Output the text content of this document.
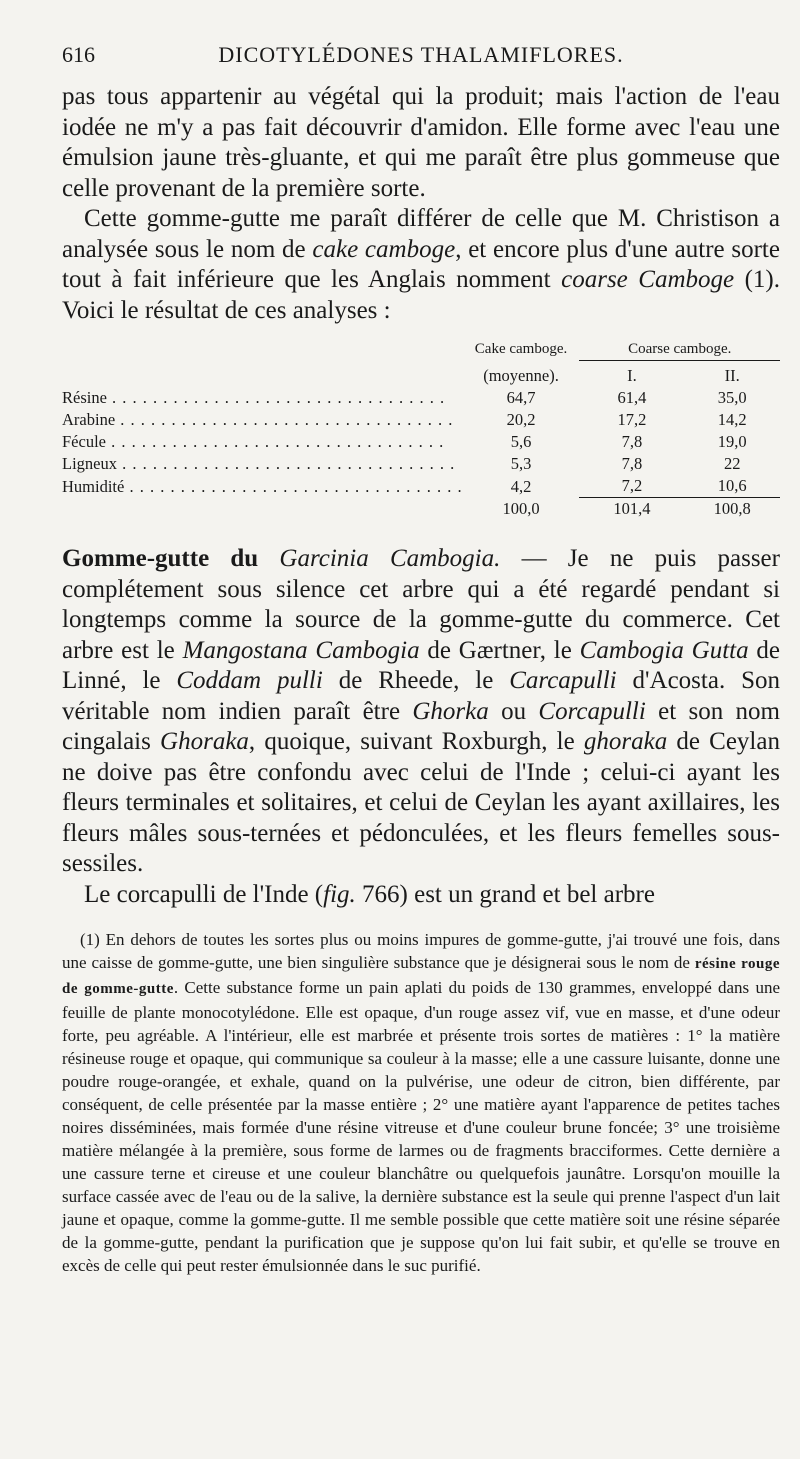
616	DICOTYLÉDONES THALAMIFLORES.

pas tous appartenir au végétal qui la produit; mais l'action de l'eau iodée ne m'y a pas fait découvrir d'amidon. Elle forme avec l'eau une émulsion jaune très-gluante, et qui me paraît être plus gommeuse que celle provenant de la première sorte.

Cette gomme-gutte me paraît différer de celle que M. Christison a analysée sous le nom de cake camboge, et encore plus d'une autre sorte tout à fait inférieure que les Anglais nomment coarse Camboge (1). Voici le résultat de ces analyses :

	Cake camboge.	Coarse camboge.	

	(moyenne).	I.	II.
Résine . . .	64,7	61,4	35,0
Arabine . . .	20,2	17,2	14,2
Fécule . . .	5,6	7,8	19,0
Ligneux . . .	5,3	7,8	22
Humidité . . .	4,2	7,2	10,6
	100,0	101,4	100,8

Gomme-gutte du Garcinia Cambogia. — Je ne puis passer complétement sous silence cet arbre qui a été regardé pendant si longtemps comme la source de la gomme-gutte du commerce. Cet arbre est le Mangostana Cambogia de Gærtner, le Cambogia Gutta de Linné, le Coddam pulli de Rheede, le Carcapulli d'Acosta. Son véritable nom indien paraît être Ghorka ou Corcapulli et son nom cingalais Ghoraka, quoique, suivant Roxburgh, le ghoraka de Ceylan ne doive pas être confondu avec celui de l'Inde ; celui-ci ayant les fleurs terminales et solitaires, et celui de Ceylan les ayant axillaires, les fleurs mâles sous-ternées et pédonculées, et les fleurs femelles sous-sessiles.

Le corcapulli de l'Inde (fig. 766) est un grand et bel arbre

(1) En dehors de toutes les sortes plus ou moins impures de gomme-gutte, j'ai trouvé une fois, dans une caisse de gomme-gutte, une bien singulière substance que je désignerai sous le nom de résine rouge de gomme-gutte. Cette substance forme un pain aplati du poids de 130 grammes, enveloppé dans une feuille de plante monocotylédone. Elle est opaque, d'un rouge assez vif, vue en masse, et d'une odeur forte, peu agréable. A l'intérieur, elle est marbrée et présente trois sortes de matières : 1° la matière résineuse rouge et opaque, qui communique sa couleur à la masse; elle a une cassure luisante, donne une poudre rouge-orangée, et exhale, quand on la pulvérise, une odeur de citron, bien différente, par conséquent, de celle présentée par la masse entière ; 2° une matière ayant l'apparence de petites taches noires disséminées, mais formée d'une résine vitreuse et d'une couleur brune foncée; 3° une troisième matière mélangée à la première, sous forme de larmes ou de fragments bracciformes. Cette dernière a une cassure terne et cireuse et une couleur blanchâtre ou quelquefois jaunâtre. Lorsqu'on mouille la surface cassée avec de l'eau ou de la salive, la dernière substance est la seule qui prenne l'aspect d'un lait jaune et opaque, comme la gomme-gutte. Il me semble possible que cette matière soit une résine séparée de la gomme-gutte, pendant la purification que je suppose qu'on lui fait subir, et qu'elle se trouve en excès de celle qui peut rester émulsionnée dans le suc purifié.
